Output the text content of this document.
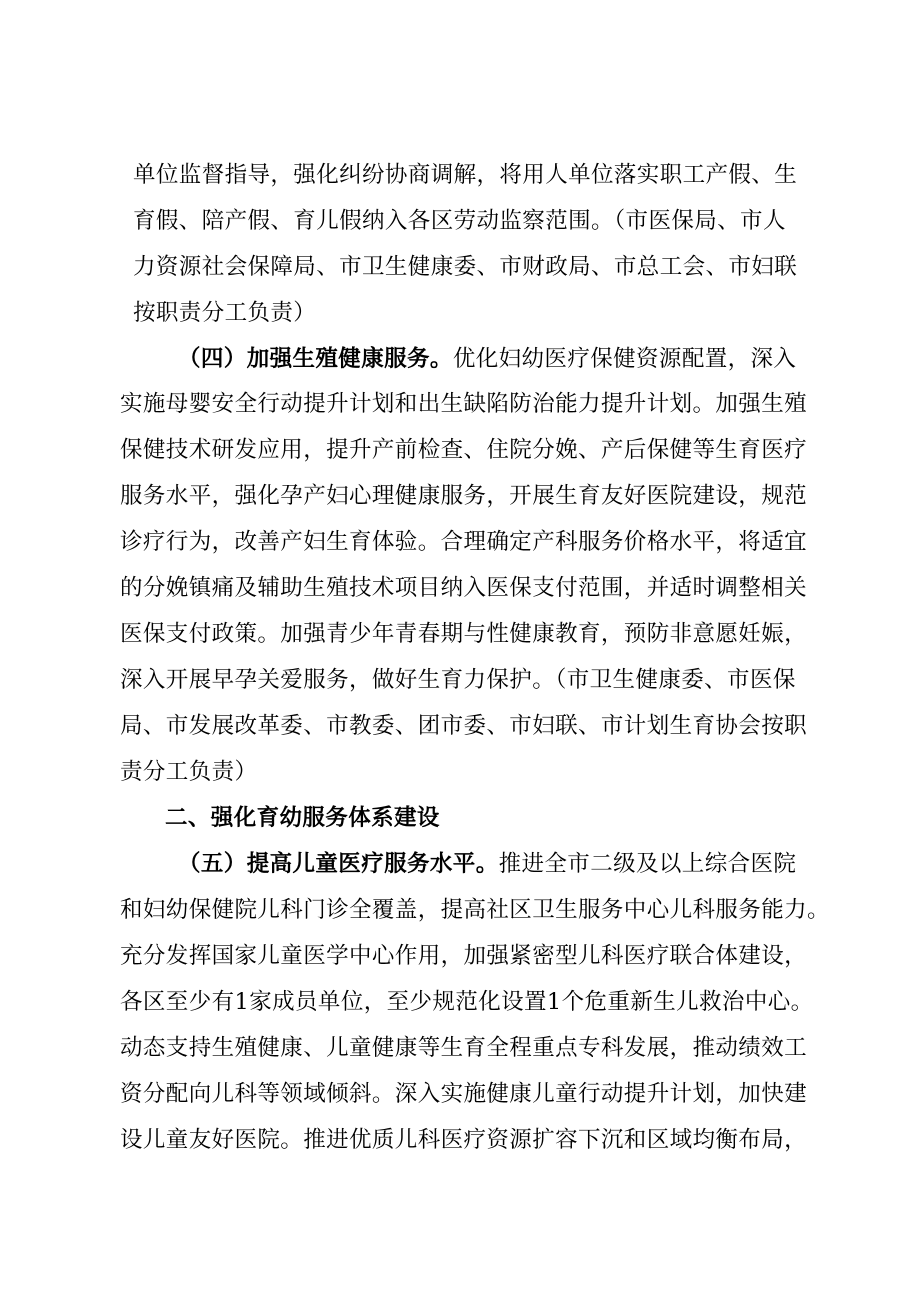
单位监督指导，强化纠纷协商调解，将用人单位落实职工产假、生
育假、陪产假、育儿假纳入各区劳动监察范围。（市医保局、市人
力资源社会保障局、市卫生健康委、市财政局、市总工会、市妇联
按职责分工负责）
（四）加强生殖健康服务。优化妇幼医疗保健资源配置，深入
实施母婴安全行动提升计划和出生缺陷防治能力提升计划。加强生殖
保健技术研发应用，提升产前检查、住院分娩、产后保健等生育医疗
服务水平，强化孕产妇心理健康服务，开展生育友好医院建设，规范
诊疗行为，改善产妇生育体验。合理确定产科服务价格水平，将适宜
的分娩镇痛及辅助生殖技术项目纳入医保支付范围，并适时调整相关
医保支付政策。加强青少年青春期与性健康教育，预防非意愿妊娠，
深入开展早孕关爱服务，做好生育力保护。（市卫生健康委、市医保
局、市发展改革委、市教委、团市委、市妇联、市计划生育协会按职
责分工负责）
二、强化育幼服务体系建设
（五）提高儿童医疗服务水平。推进全市二级及以上综合医院
和妇幼保健院儿科门诊全覆盖，提高社区卫生服务中心儿科服务能力。
充分发挥国家儿童医学中心作用，加强紧密型儿科医疗联合体建设，
各区至少有1家成员单位，至少规范化设置1个危重新生儿救治中心。
动态支持生殖健康、儿童健康等生育全程重点专科发展，推动绩效工
资分配向儿科等领域倾斜。深入实施健康儿童行动提升计划，加快建
设儿童友好医院。推进优质儿科医疗资源扩容下沉和区域均衡布局，
